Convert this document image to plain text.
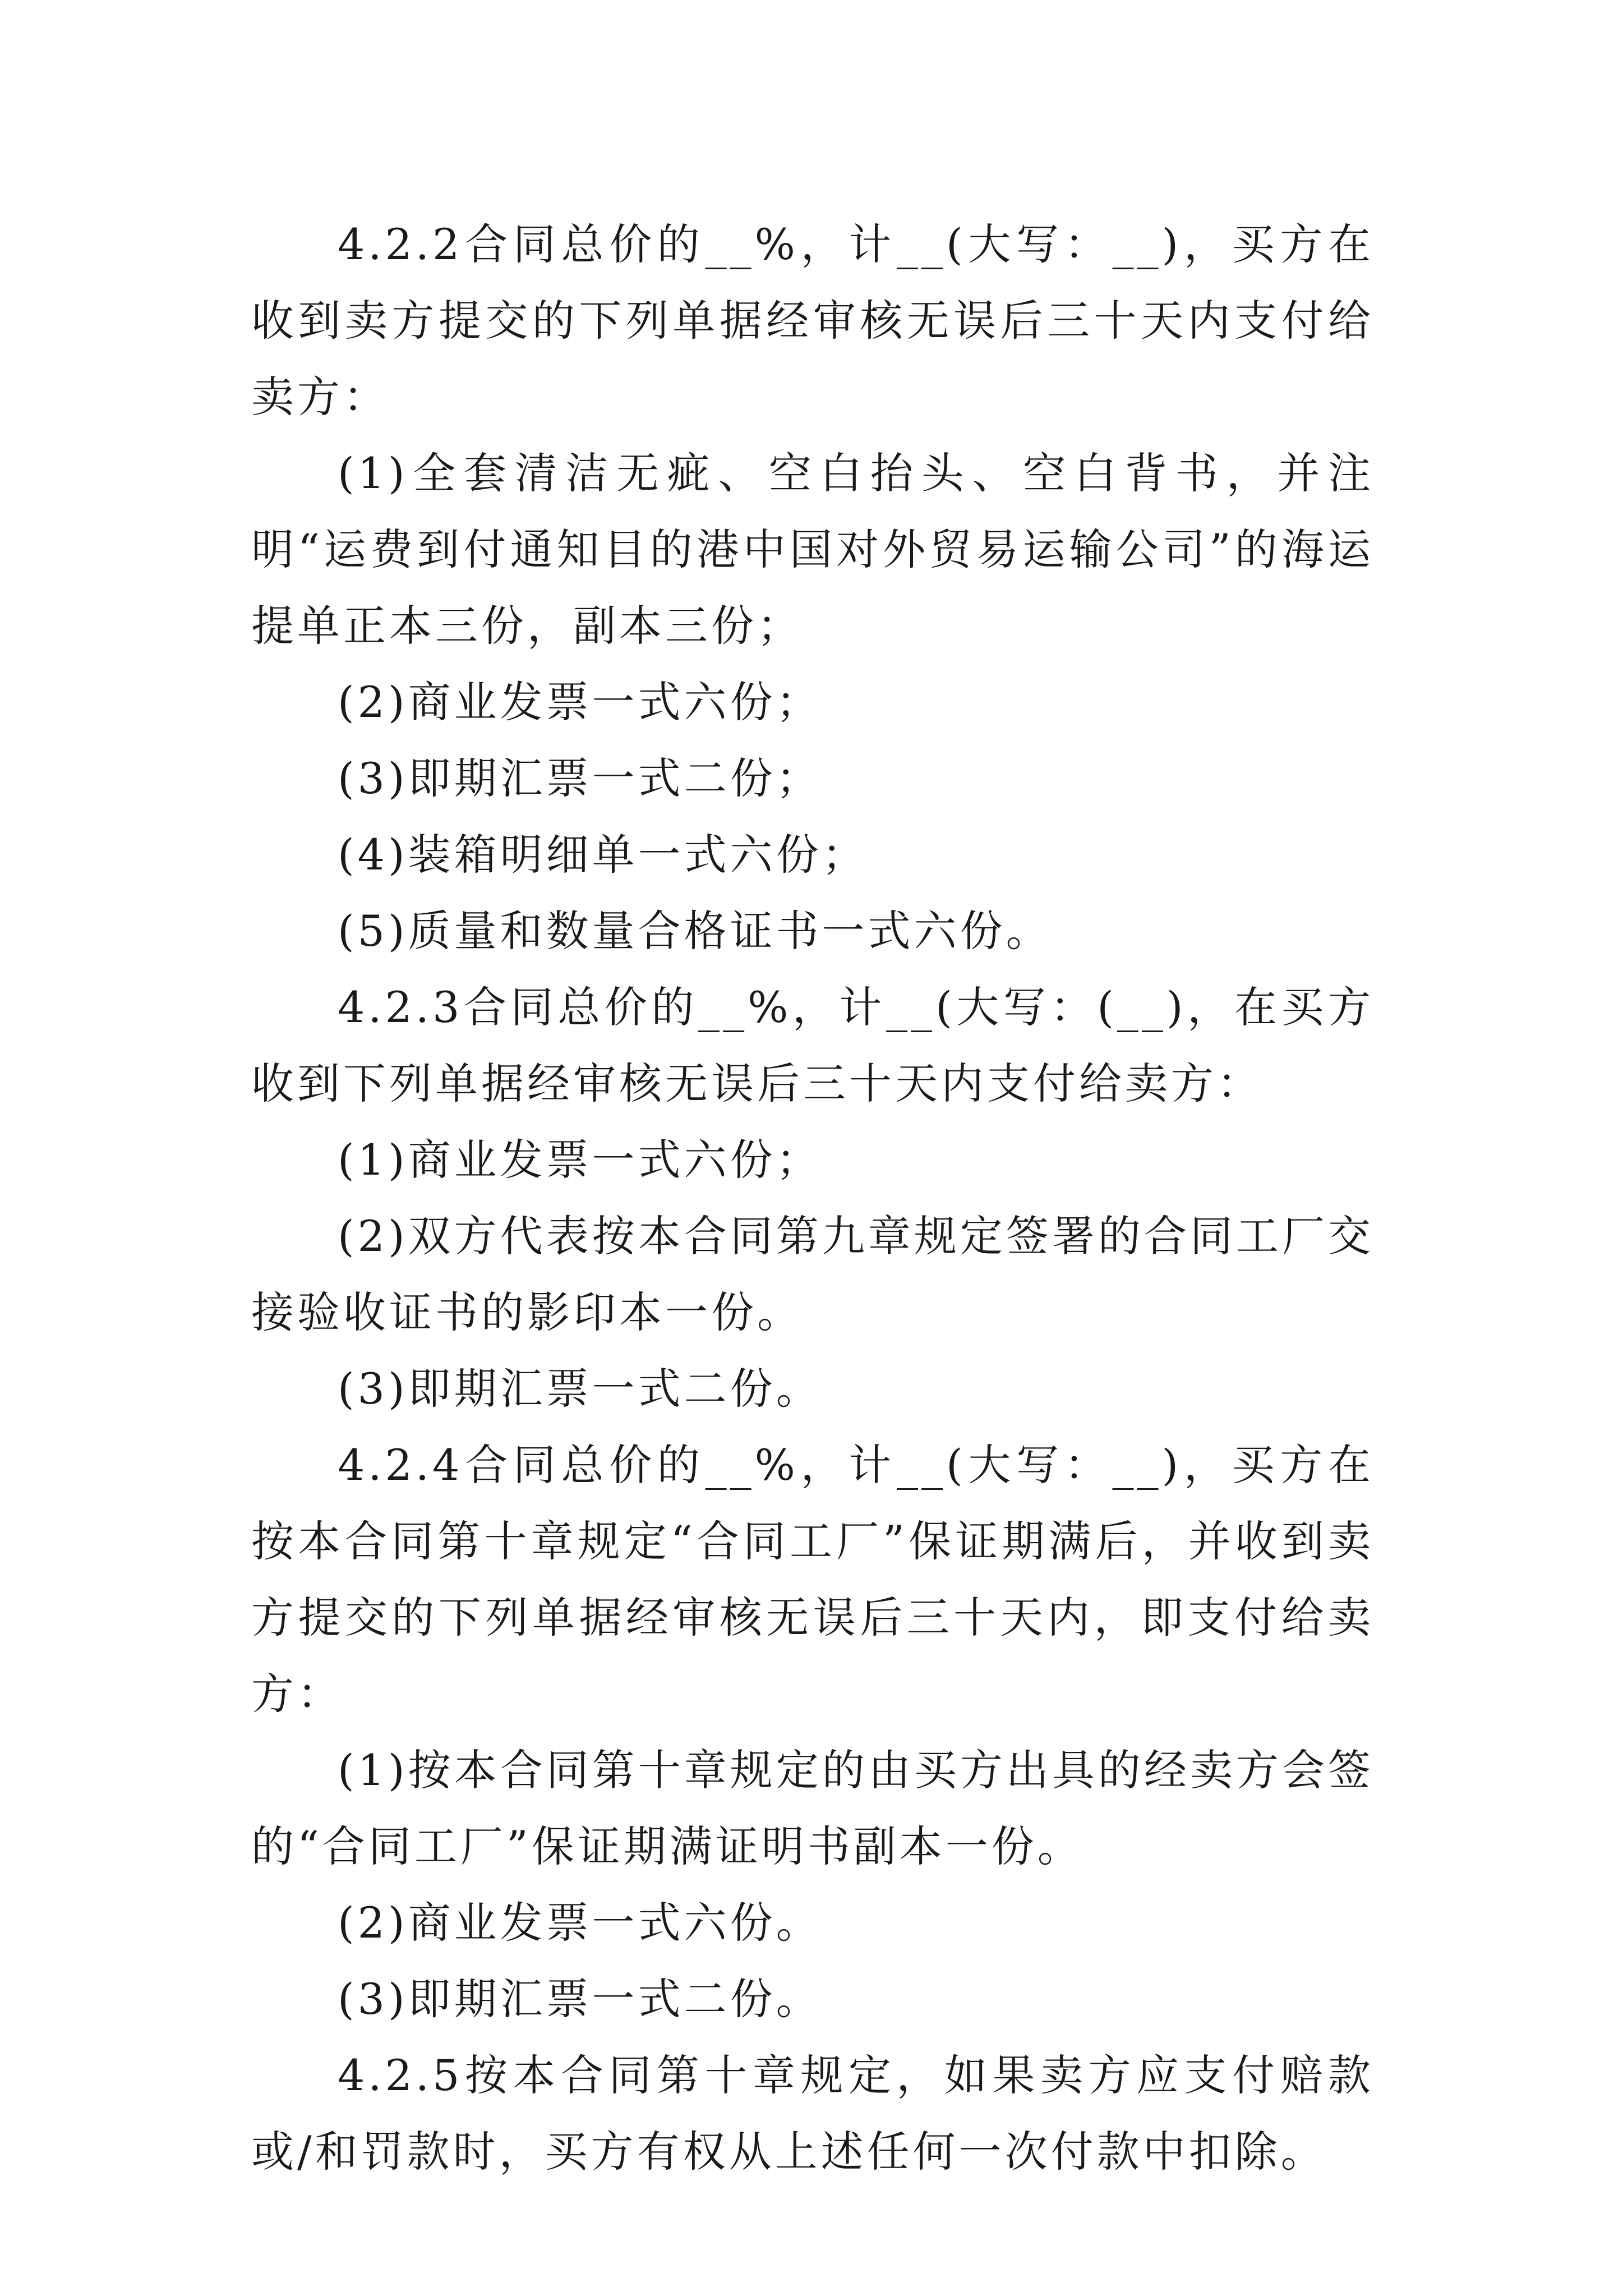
4.2.2合同总价的__%，计__(大写：__)，买方在收到卖方提交的下列单据经审核无误后三十天内支付给卖方：

(1)全套清洁无疵、空白抬头、空白背书，并注明“运费到付通知目的港中国对外贸易运输公司”的海运提单正本三份，副本三份；

(2)商业发票一式六份；

(3)即期汇票一式二份；

(4)装箱明细单一式六份；

(5)质量和数量合格证书一式六份。

4.2.3合同总价的__%，计__(大写：(__)，在买方收到下列单据经审核无误后三十天内支付给卖方：

(1)商业发票一式六份；

(2)双方代表按本合同第九章规定签署的合同工厂交接验收证书的影印本一份。

(3)即期汇票一式二份。

4.2.4合同总价的__%，计__(大写：__)，买方在按本合同第十章规定“合同工厂”保证期满后，并收到卖方提交的下列单据经审核无误后三十天内，即支付给卖方：

(1)按本合同第十章规定的由买方出具的经卖方会签的“合同工厂”保证期满证明书副本一份。

(2)商业发票一式六份。

(3)即期汇票一式二份。

4.2.5按本合同第十章规定，如果卖方应支付赔款或/和罚款时，买方有权从上述任何一次付款中扣除。
